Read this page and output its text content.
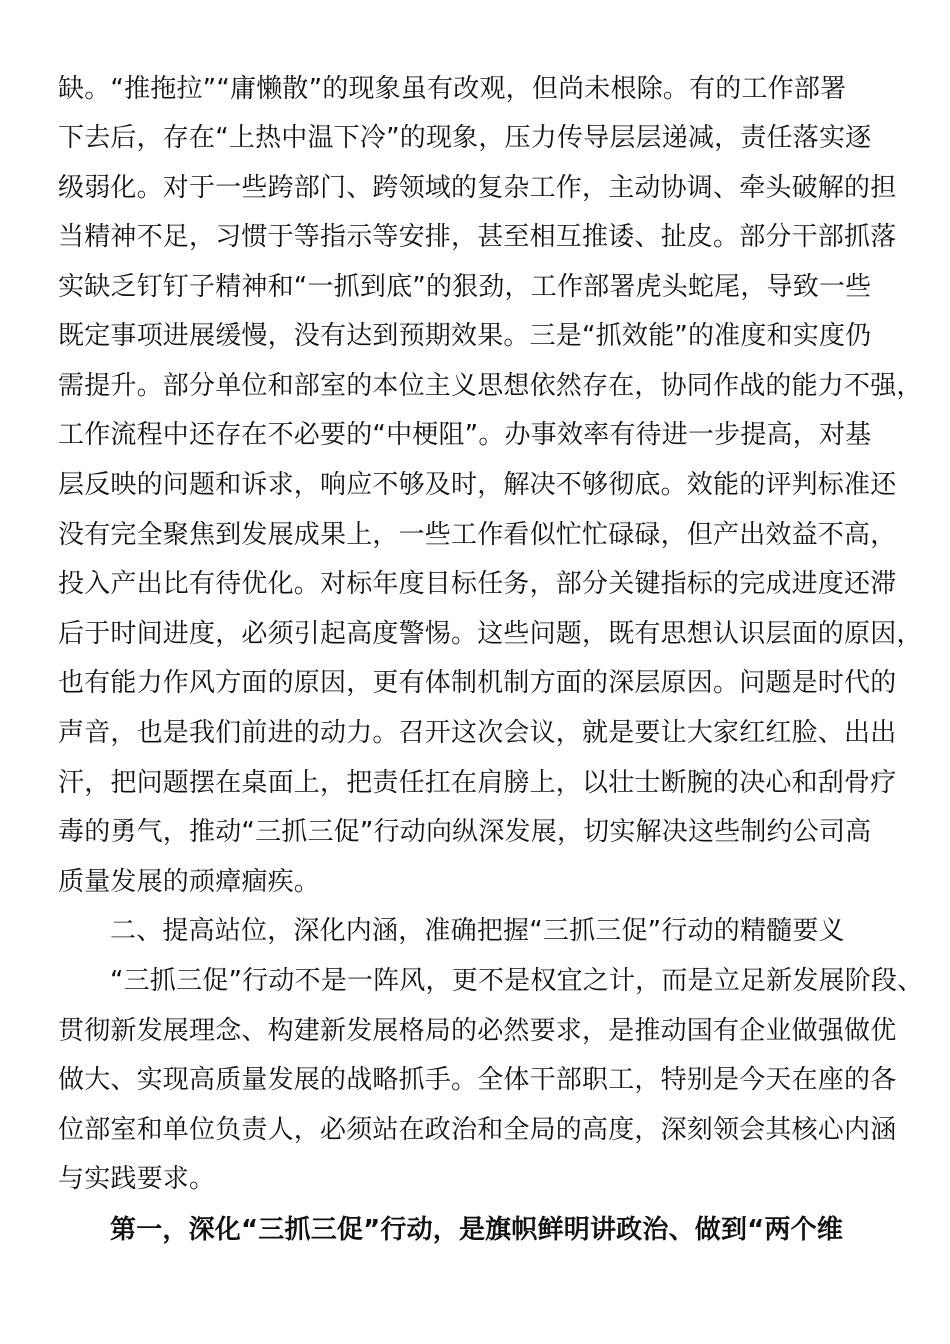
缺。“推拖拉”“庸懒散”的现象虽有改观，但尚未根除。有的工作部署
下去后，存在“上热中温下冷”的现象，压力传导层层递减，责任落实逐
级弱化。对于一些跨部门、跨领域的复杂工作，主动协调、牵头破解的担
当精神不足，习惯于等指示等安排，甚至相互推诿、扯皮。部分干部抓落
实缺乏钉钉子精神和“一抓到底”的狠劲，工作部署虎头蛇尾，导致一些
既定事项进展缓慢，没有达到预期效果。三是“抓效能”的准度和实度仍
需提升。部分单位和部室的本位主义思想依然存在，协同作战的能力不强，
工作流程中还存在不必要的“中梗阻”。办事效率有待进一步提高，对基
层反映的问题和诉求，响应不够及时，解决不够彻底。效能的评判标准还
没有完全聚焦到发展成果上，一些工作看似忙忙碌碌，但产出效益不高，
投入产出比有待优化。对标年度目标任务，部分关键指标的完成进度还滞
后于时间进度，必须引起高度警惕。这些问题，既有思想认识层面的原因，
也有能力作风方面的原因，更有体制机制方面的深层原因。问题是时代的
声音，也是我们前进的动力。召开这次会议，就是要让大家红红脸、出出
汗，把问题摆在桌面上，把责任扛在肩膀上，以壮士断腕的决心和刮骨疗
毒的勇气，推动“三抓三促”行动向纵深发展，切实解决这些制约公司高
质量发展的顽瘴痼疾。
二、提高站位，深化内涵，准确把握“三抓三促”行动的精髓要义
“三抓三促”行动不是一阵风，更不是权宜之计，而是立足新发展阶段、
贯彻新发展理念、构建新发展格局的必然要求，是推动国有企业做强做优
做大、实现高质量发展的战略抓手。全体干部职工，特别是今天在座的各
位部室和单位负责人，必须站在政治和全局的高度，深刻领会其核心内涵
与实践要求。
第一，深化“三抓三促”行动，是旗帜鲜明讲政治、做到“两个维
